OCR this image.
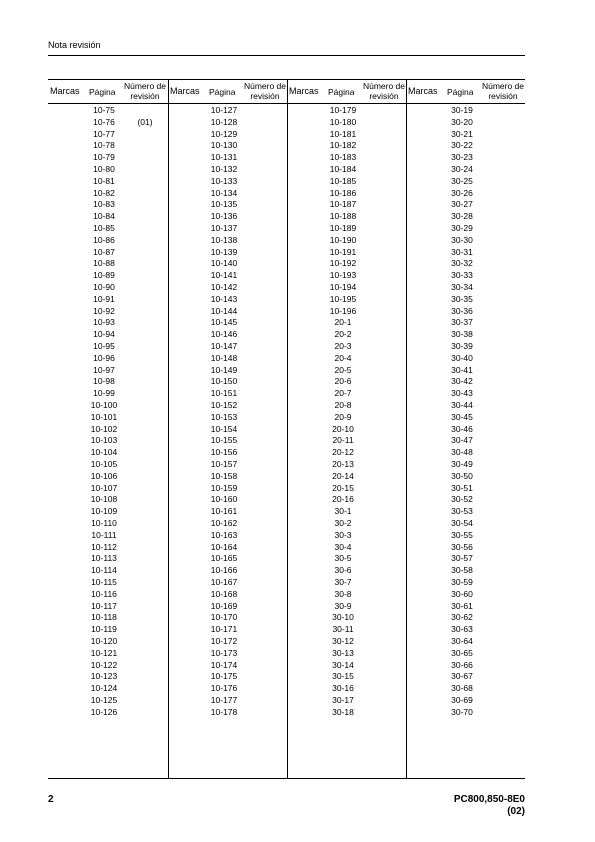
Nota revisión
Marcas Página
Número de
revisión
10-75
10-76	(01)
10-77
10-78
10-79
10-80
10-81
10-82
10-83
10-84
10-85
10-86
10-87
10-88
10-89
10-90
10-91
10-92
10-93
10-94
10-95
10-96
10-97
10-98
10-99
10-100
10-101
10-102
10-103
10-104
10-105
10-106
10-107
10-108
10-109
10-110
10-111
10-112
10-113
10-114
10-115
10-116
10-117
10-118
10-119
10-120
10-121
10-122
10-123
10-124
10-125
10-126
Marcas Página
Número de
revisión
10-127
10-128
10-129
10-130
10-131
10-132
10-133
10-134
10-135
10-136
10-137
10-138
10-139
10-140
10-141
10-142
10-143
10-144
10-145
10-146
10-147
10-148
10-149
10-150
10-151
10-152
10-153
10-154
10-155
10-156
10-157
10-158
10-159
10-160
10-161
10-162
10-163
10-164
10-165
10-166
10-167
10-168
10-169
10-170
10-171
10-172
10-173
10-174
10-175
10-176
10-177
10-178
Marcas Página
Número de
revisión
10-179
10-180
10-181
10-182
10-183
10-184
10-185
10-186
10-187
10-188
10-189
10-190
10-191
10-192
10-193
10-194
10-195
10-196
20-1
20-2
20-3
20-4
20-5
20-6
20-7
20-8
20-9
20-10
20-11
20-12
20-13
20-14
20-15
20-16
30-1
30-2
30-3
30-4
30-5
30-6
30-7
30-8
30-9
30-10
30-11
30-12
30-13
30-14
30-15
30-16
30-17
30-18
Marcas Página
Número de
revisión
30-19
30-20
30-21
30-22
30-23
30-24
30-25
30-26
30-27
30-28
30-29
30-30
30-31
30-32
30-33
30-34
30-35
30-36
30-37
30-38
30-39
30-40
30-41
30-42
30-43
30-44
30-45
30-46
30-47
30-48
30-49
30-50
30-51
30-52
30-53
30-54
30-55
30-56
30-57
30-58
30-59
30-60
30-61
30-62
30-63
30-64
30-65
30-66
30-67
30-68
30-69
30-70
2	PC800,850-8E0
(02)
